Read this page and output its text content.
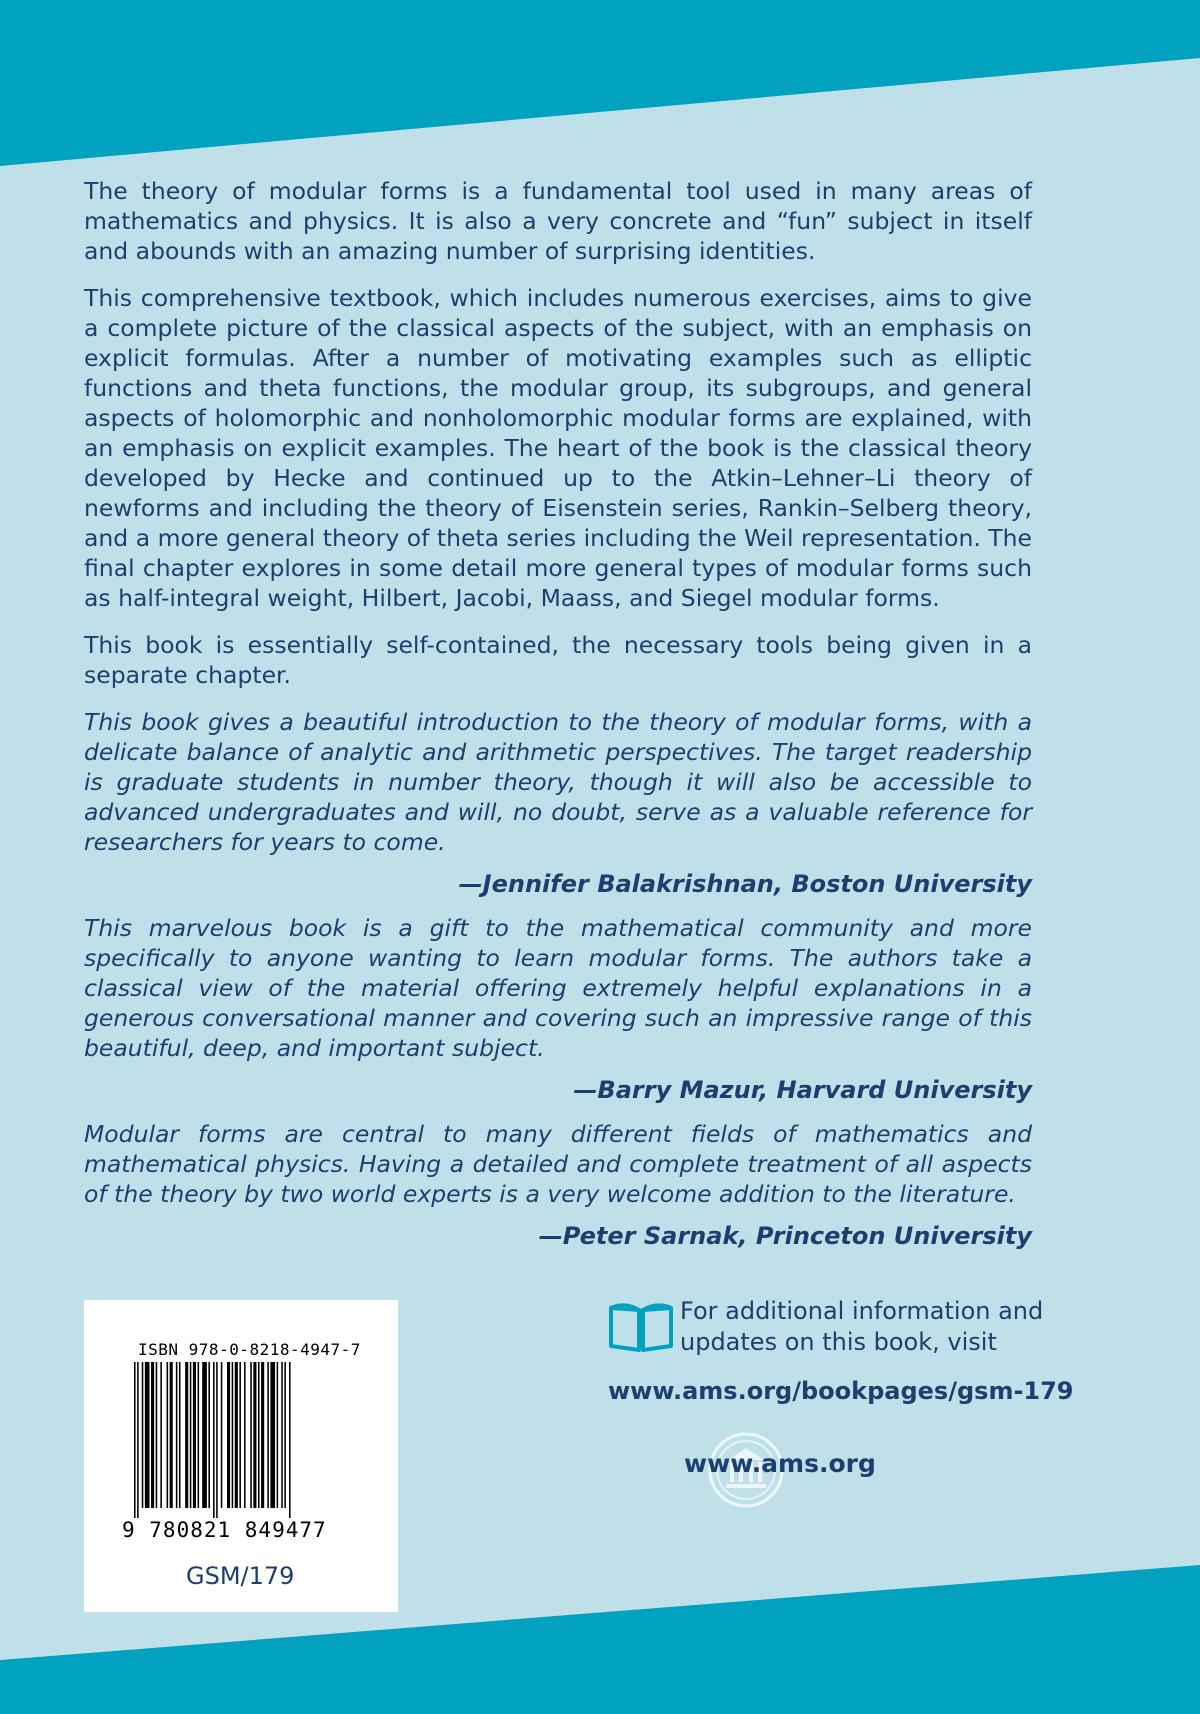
The theory of modular forms is a fundamental tool used in many areas of mathematics and physics. It is also a very concrete and “fun” subject in itself and abounds with an amazing number of surprising identities.

This comprehensive textbook, which includes numerous exercises, aims to give a complete picture of the classical aspects of the subject, with an emphasis on explicit formulas. After a number of motivating examples such as elliptic functions and theta functions, the modular group, its subgroups, and general aspects of holomorphic and nonholomorphic modular forms are explained, with an emphasis on explicit examples. The heart of the book is the classical theory developed by Hecke and continued up to the Atkin–Lehner–Li theory of newforms and including the theory of Eisenstein series, Rankin–Selberg theory, and a more general theory of theta series including the Weil representation. The final chapter explores in some detail more general types of modular forms such as half-integral weight, Hilbert, Jacobi, Maass, and Siegel modular forms.

This book is essentially self-contained, the necessary tools being given in a separate chapter.

This book gives a beautiful introduction to the theory of modular forms, with a delicate balance of analytic and arithmetic perspectives. The target readership is graduate students in number theory, though it will also be accessible to advanced undergraduates and will, no doubt, serve as a valuable reference for researchers for years to come.

—Jennifer Balakrishnan, Boston University

This marvelous book is a gift to the mathematical community and more specifically to anyone wanting to learn modular forms. The authors take a classical view of the material offering extremely helpful explanations in a generous conversational manner and covering such an impressive range of this beautiful, deep, and important subject.

—Barry Mazur, Harvard University

Modular forms are central to many different fields of mathematics and mathematical physics. Having a detailed and complete treatment of all aspects of the theory by two world experts is a very welcome addition to the literature.

—Peter Sarnak, Princeton University
ISBN 978-0-8218-4947-7
9 780821 849477
GSM/179
For additional information and updates on this book, visit
www.ams.org/bookpages/gsm-179
www.ams.org
